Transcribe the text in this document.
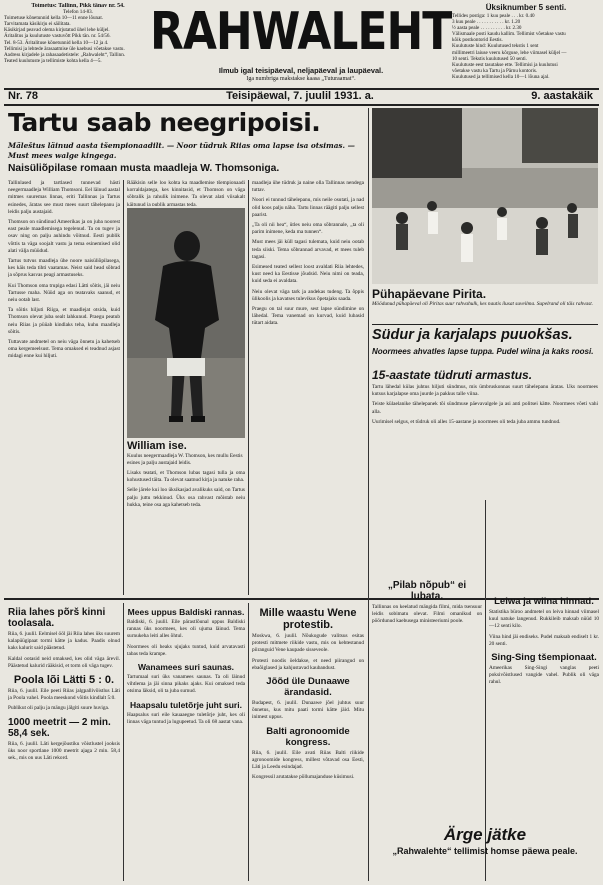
Toimetus: Tallinn, Pikk tänav nr. 54.
Telefon 14-83.
Toimetuse kõnetunnid kella 10—11 enne lõunat.
Tarvitamata käsikirju ei säilitata.
Käsikirjad peavad olema kirjutatud ühel lehe küljel.
Äritalitus ja kuulutuste vastuvõtt Pikk tän. nr. 54/56.
Tel. 8-53. Äritalituse kõnetunnid kella 10—12 ja 4.
Tellimisi ja lehtede ärasaatmise üle kaebusi võetakse vastu.
Aadress kirjadele ja rahasaadetistele: „Rahwaleht“, Tallinn.
Teated kuulutuste ja tellimiste kohta kella 4—5.	RAHWALEHT
Ilmub igal teisipäeval, neljapäeval ja laupäeval.
Iga numbriga makstakse kaasa „Tuturaamat“.
Üksiknumber 5 senti.
Tellides postiga: 1 kuu peale . . . kr. 0.40
3 kuu peale . . . . . . . . . . . kr. 1.20
½ aasta peale . . . . . . . . . . kr. 2.30
Välismaale posti kaudu kallim. Tellimist võetakse vastu
kõik postkontorid Eestis.
Kuulutuste hind: Kuulutused tekstis 1 sent
millimeetri laiuse veeru kõrguse, lehe viimasel küljel —
10 senti. Tekstis kuulutused 50 senti.
Kuulutuste eest tasutakse ette. Tellimisi ja kuulutusi
võetakse vastu ka Tartu ja Pärnu kontoris.
Kuulutused ja tellimised kella 10—1 lõuna ajal.
Nr. 78	Teisipäewal, 7. juulil 1931. a.	9. aastakäik
Tartu saab neegripoisi.
Mäleštus läinud aasta tšempionaadilt. — Noor tüdruk Riias oma lapse isa otsimas. — Must mees walge kingega.
Naisüliõpilase romaan musta maadleja W. Thomsoniga.

Tallinlased ja tartlased tunnevad hästi neegermaadleja William Thomsoni. Eel läinud aastal mitmes suuremas linnas, eriti Tallinnas ja Tartus esinedes, äratas see must mees suurt tähelepanu ja leidis palju austajaid.

Thomson on sündinud Ameerikas ja on juba noorest east peale maadlemisega tegelenud. Ta on tugev ja osav ning on palju auhindu võitnud. Eesti publik võttis ta väga soojalt vastu ja tema esinemised olid alati välja müüdud.

Tartus tutvus maadleja ühe noore naisüliõpilasega, kes käis teda tihti vaatamas. Neist said head sõbrad ja sõprus kasvas peagi armastuseks.

Kui Thomson oma trupiga edasi Lätti sõitis, jäi neiu Tartusse maha. Nüüd aga on teatavaks saanud, et neiu ootab last.

Ta sõitis hiljuti Riiga, et maadlejat otsida, kuid Thomson olevat juba sealt lahkunud. Praegu peatub neiu Riias ja püüab kindlaks teha, kuhu maadleja sõitis.

Tuttavate andmetel on neiu väga õnnetu ja kahetseb oma kergemeelsust. Tema omaksed ei teadnud asjast midagi enne kui hiljuti.

Rääkisin selle loo kohta ka maadlemise tšempionaadi korraldajatega, kes kinnitasid, et Thomson on väga sõbralik ja rahulik inimene. Ta olevat alati viisakalt käitunud ja publik armastas teda.

William ise.
Kuulus neegermaadleja W. Thomson, kes mullu Eestis esines ja palju austajaid leidis.

Lisaks teatati, et Thomson lubas tagasi tulla ja oma kohustused täita. Ta olevat saatnud kirja ja natuke raha.

Selle järele kui loo üksikasjad avalikuks said, on Tartus palju juttu tekkinud. Üks osa rahvast mõistab neiu hukka, teine osa aga kahetseb teda.

maadleja ühe tüdruk ja naine olla Tallinnas nendega tuttav.

Noori ei tunnud tähelepanu, mis neile osutati, ja nad olid koos palju näha. Tartu linnas räägiti palju sellest paarist.

„Ta oli nii hea“, ütles neiu oma sõbrannale, „ta oli parim inimene, keda ma tunnen“.

Must mees jäi küll tagasi tulemata, kuid neiu ootab teda siiski. Tema sõbrannad arvavad, et mees tuleb tagasi.

Esimesed teated sellest loost avaldati Riia lehtedes, kust need ka Eestisse jõudsid. Neiu nimi on teada, kuid seda ei avaldata.

Neiu olevat väga tark ja andekas tudeng. Ta õppis ülikoolis ja kavatses tulevikus õpetajaks saada.

Praegu on tal suur mure, sest lapse sündimine on lähedal. Tema vanemad on kurvad, kuid lubasid tütart aidata.

Pühapäevane Pirita.
Möödunud pühapäeval oli Piritas suur rahvahulk, kes nautis ilusat suveilma. Supelrand oli täis rahvast.
Südur ja karjalaps puuokšas.
Noormees ahvatles lapse tuppa. Pudel wiina ja kaks roosi.
15-aastate tüdruti armastus.

Tartu lähedal külas juhtus hiljuti sündmus, mis ümbruskonnas suurt tähelepanu äratas. Üks noormees kutsus karjalapse oma juurde ja pakkus talle viina.

Teiste külaelanike tähelepanek tõi sündmuse päevavalgele ja asi anti politsei kätte. Noormees võeti vahi alla.

Uurimisel selgus, et tüdruk oli alles 15-aastane ja noormees oli teda juba ammu tundnud.

Riia lahes põrš kinni toolasala.

Riia, 6. juulil. Eelmisel ööl jäi Riia lahes üks suurem kalapüügipaat tormi kätte ja kadus. Paadis olnud kaks kalurit said päästetud.

Kaldal ootasid neid omaksed, kes olid väga ärevil. Päästetud kalurid rääkisid, et torm oli väga tugev.

Poola lõi Lätti 5 : 0.

Riia, 6. juulil. Eile peeti Riias jalgpallivõistlus Läti ja Poola vahel. Poola meeskond võitis kindlalt 5:0.

Publikut oli palju ja mängu jälgiti suure huviga.

1000 meetrit — 2 min. 58,4 sek.

Riia, 6. juulil. Läti kergejõustiku võistlustel jooksis üks noor sportlane 1000 meetrit ajaga 2 min. 58,4 sek., mis on uus Läti rekord.

Mees uppus Baldiski rannas.

Baldiski, 6. juulil. Eile pärastlõunal uppus Baldiski rannas üks noormees, kes oli ujuma läinud. Tema surnukeha leiti alles õhtul.

Noormees oli heaks ujujaks tuntud, kuid arvatavasti tabas teda krampe.

Wanamees suri saunas.

Tartumaal suri üks vanamees saunas. Ta oli läinud vihtlema ja jäi sinna pikaks ajaks. Kui omaksed teda otsima läksid, oli ta juba surnud.

Haapsalu tuletõrje juht suri.

Haapsalus suri eile kauaaegne tuletõrje juht, kes oli linnas väga tuntud ja lugupeetud. Ta oli 68 aastat vana.

Mille waastu Wene protestib.

Moskwa, 6. juulil. Nõukogude valitsus esitas protesti mitmete riikide vastu, mis on kehtestanud piiranguid Vene kaupade sisseveole.

Protesti noodis öeldakse, et need piirangud on ebaõiglased ja kahjustavad kaubandust.

Jõõd üle Dunaawe ärandasid.

Budapest, 6. juulil. Dunaawe jõel juhtus suur õnnetus, kus mitu paati tormi kätte jäid. Mitu inimest uppus.

Balti agronoomide kongress.

Riia, 6. juulil. Eile avati Riias Balti riikide agronoomide kongress, millest võtavad osa Eesti, Läti ja Leedu esindajad.

Kongressil arutatakse põllumajanduse küsimusi.

„Pilab nõpub“ ei lubata.

Tallinnas on keelatud mängida filmi, mida tsensuur leidis sobimatu olevat. Filmi omanikud on pöördunud kaebusega ministeeriumi poole.

Leiwa ja wiina hinnad.

Statistika büroo andmetel on leiva hinnad viimasel kuul natuke langenud. Rukkileib maksab nüüd 10—12 senti kilo.

Viina hind jäi endiseks. Pudel maksab endiselt 1 kr. 20 senti.

Sing-Sing tšempionaat.

Ameerikas Sing-Singi vanglas peeti poksivõistlused vangide vahel. Publik oli väga rahul.

Ärge jätke
„Rahwalehte“ tellimist homse päewa peale.
